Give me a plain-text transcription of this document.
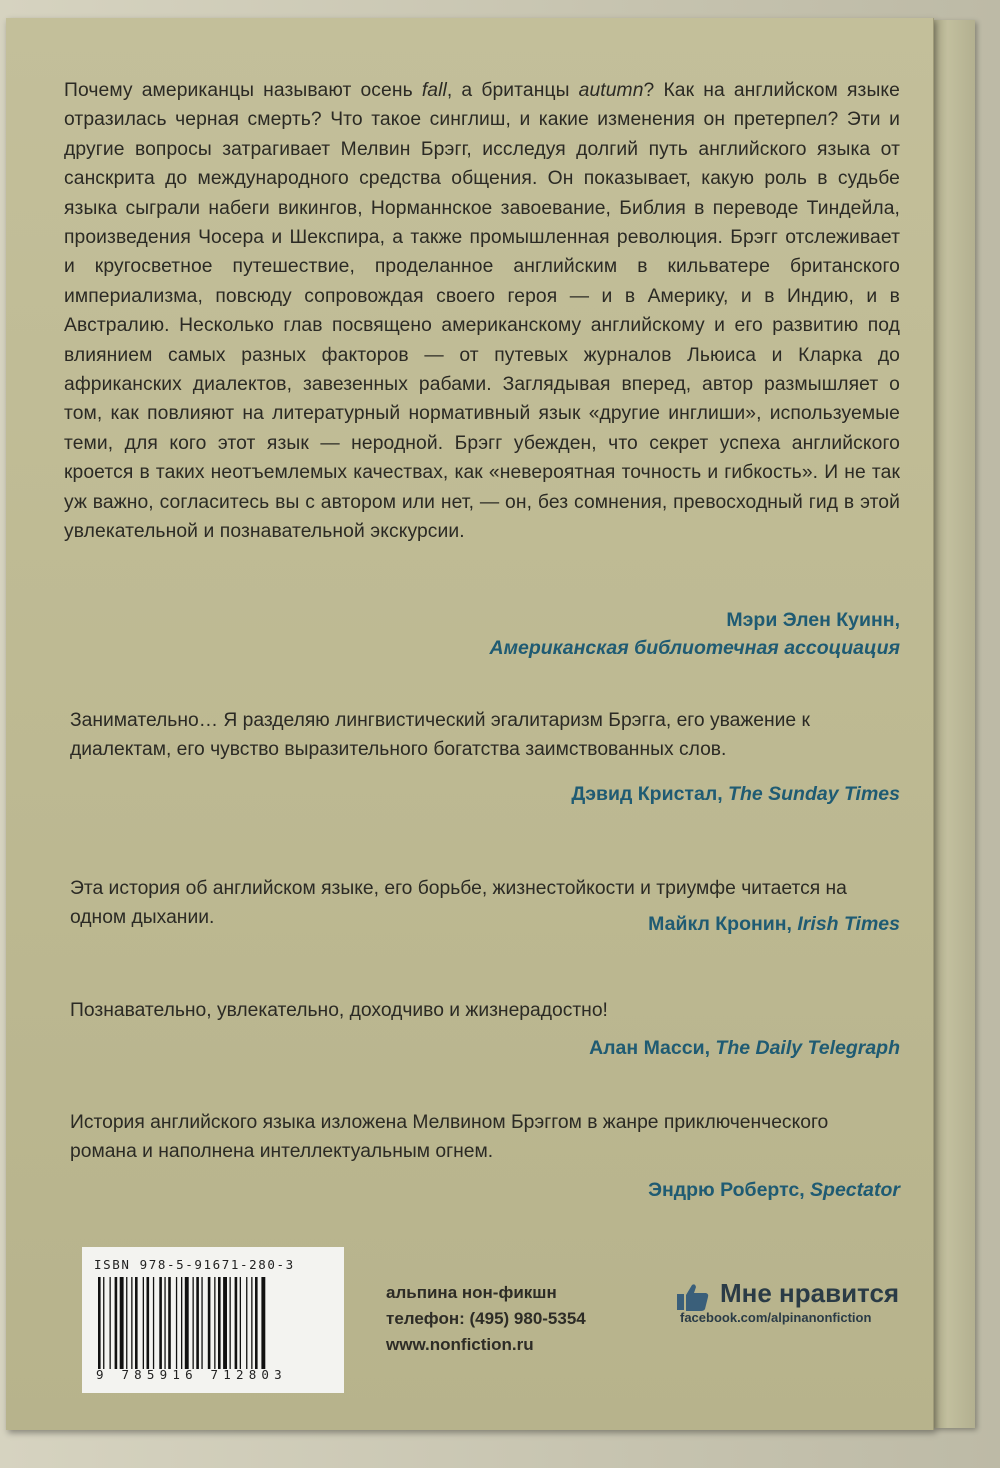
Почему американцы называют осень fall, а британцы autumn? Как на английском языке отразилась черная смерть? Что такое синглиш, и какие изменения он претерпел? Эти и другие вопросы затрагивает Мелвин Брэгг, исследуя долгий путь английского языка от санскрита до международного средства общения. Он показывает, какую роль в судьбе языка сыграли набеги викингов, Норманнское завоевание, Библия в переводе Тиндейла, произведения Чосера и Шекспира, а также промышленная революция. Брэгг отслеживает и кругосветное путешествие, проделанное английским в кильватере британского империализма, повсюду сопровождая своего героя — и в Америку, и в Индию, и в Австралию. Несколько глав посвящено американскому английскому и его развитию под влиянием самых разных факторов — от путевых журналов Льюиса и Кларка до африканских диалектов, завезенных рабами. Заглядывая вперед, автор размышляет о том, как повлияют на литературный нормативный язык «другие инглиши», используемые теми, для кого этот язык — неродной. Брэгг убежден, что секрет успеха английского кроется в таких неотъемлемых качествах, как «невероятная точность и гибкость». И не так уж важно, согласитесь вы с автором или нет, — он, без сомнения, превосходный гид в этой увлекательной и познавательной экскурсии.

Мэри Элен Куинн,
Американская библиотечная ассоциация

Занимательно… Я разделяю лингвистический эгалитаризм Брэгга, его уважение к диалектам, его чувство выразительного богатства заимствованных слов.

Дэвид Кристал, The Sunday Times

Эта история об английском языке, его борьбе, жизнестойкости и триумфе читается на одном дыхании.	Майкл Кронин, Irish Times

Познавательно, увлекательно, доходчиво и жизнерадостно!

Алан Масси, The Daily Telegraph

История английского языка изложена Мелвином Брэггом в жанре приключенческого романа и наполнена интеллектуальным огнем.

Эндрю Робертс, Spectator
ISBN 978-5-91671-280-3
9 785916 712803
альпина нон-фикшн
телефон: (495) 980-5354
www.nonfiction.ru
Мне нравится
facebook.com/alpinanonfiction
